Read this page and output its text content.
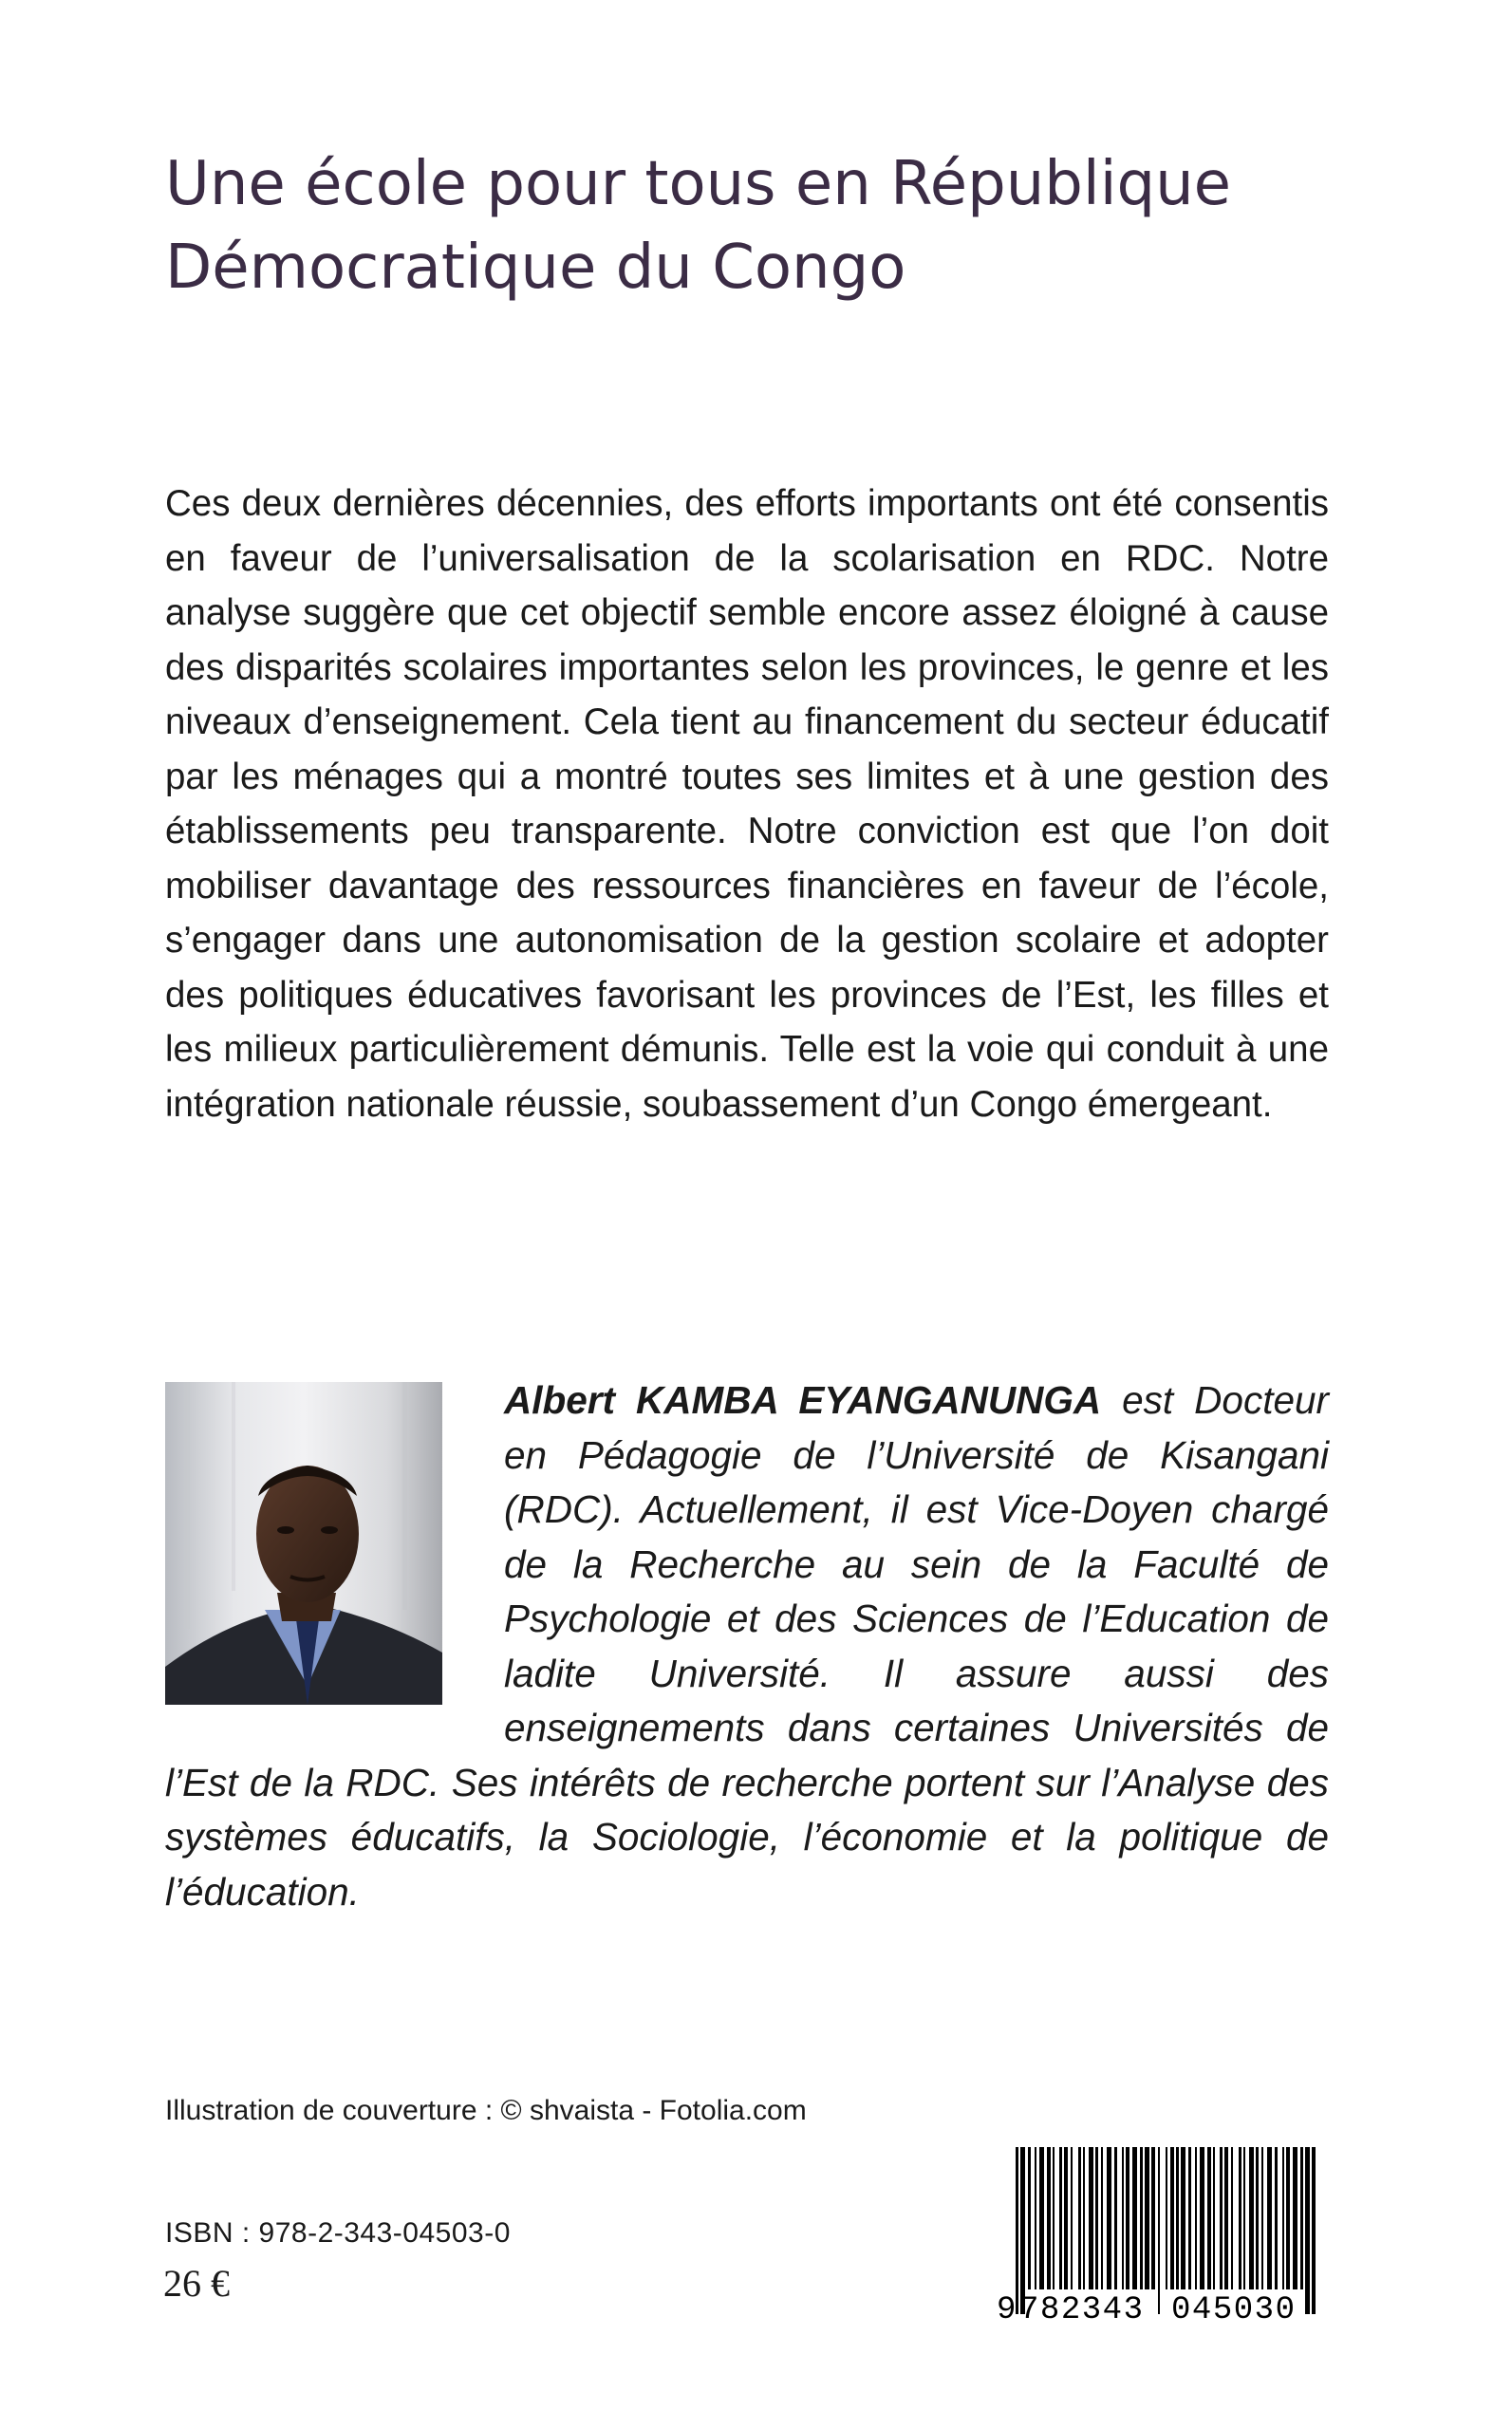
Une école pour tous en République
Démocratique du Congo

Ces deux dernières décennies, des efforts importants ont été consentis en faveur de l’universalisation de la scolarisation en RDC. Notre analyse suggère que cet objectif semble encore assez éloigné à cause des disparités scolaires importantes selon les provinces, le genre et les niveaux d’enseignement. Cela tient au financement du secteur éducatif par les ménages qui a montré toutes ses limites et à une gestion des établissements peu transparente. Notre conviction est que l’on doit mobiliser davantage des ressources financières en faveur de l’école, s’engager dans une autonomisation de la gestion scolaire et adopter des politiques éducatives favorisant les provinces de l’Est, les filles et les milieux particulièrement démunis. Telle est la voie qui conduit à une intégration nationale réussie, soubassement d’un Congo émergeant.

Albert KAMBA EYANGANUNGA est Docteur en Pédagogie de l’Université de Kisangani (RDC). Actuellement, il est Vice-Doyen chargé de la Recherche au sein de la Faculté de Psychologie et des Sciences de l’Education de ladite Université. Il assure aussi des enseignements dans certaines Universités de l’Est de la RDC. Ses intérêts de recherche portent sur l’Analyse des systèmes éducatifs, la Sociologie, l’économie et la politique de l’éducation.

Illustration de couverture : © shvaista - Fotolia.com
ISBN : 978-2-343-04503-0
26 €
9 782343 045030
